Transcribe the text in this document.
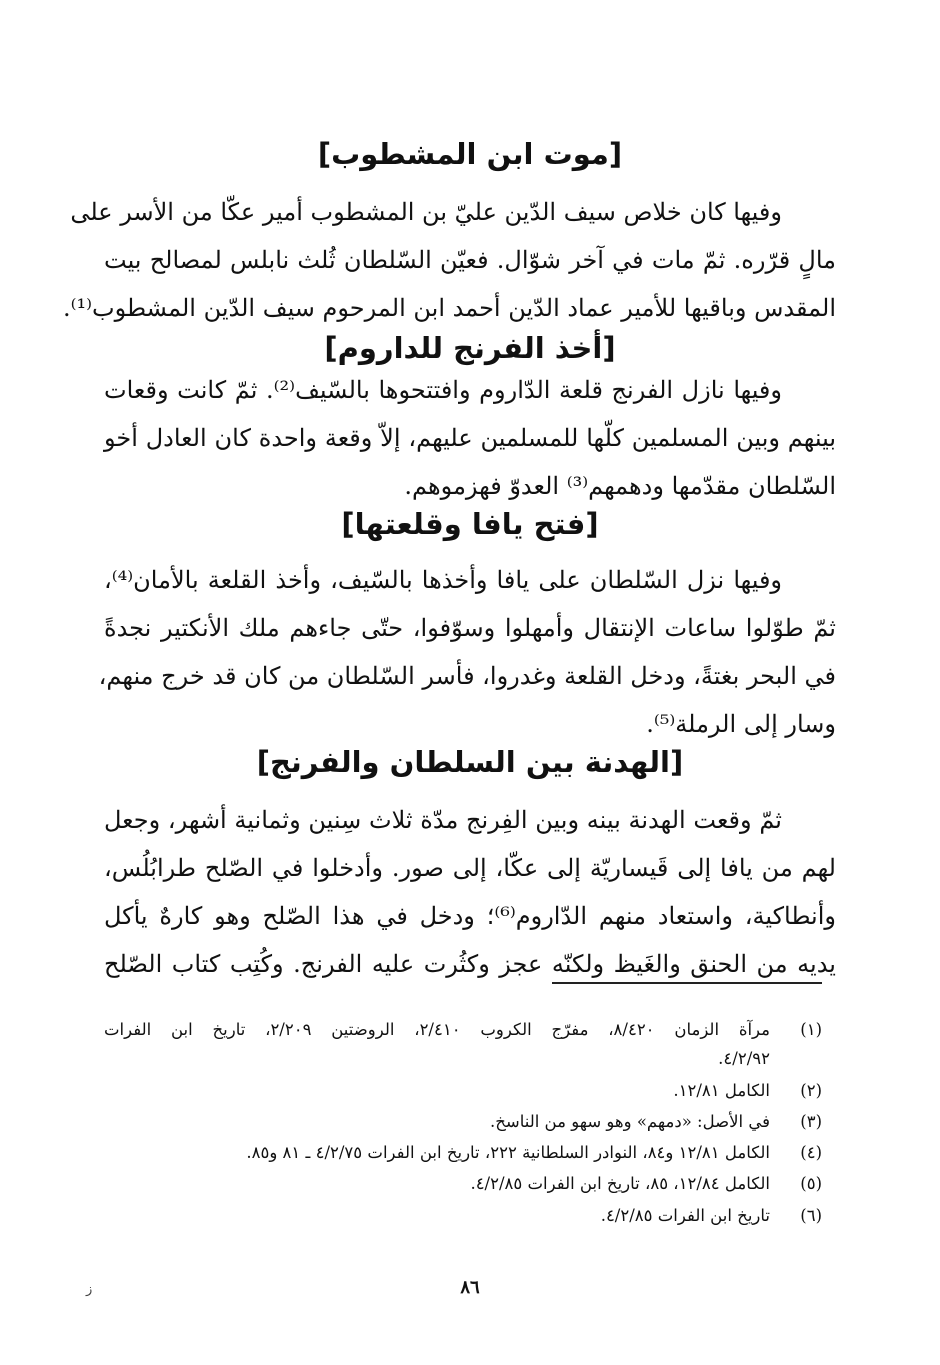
[موت ابن المشطوب]
وفيها كان خلاص سيف الدّين عليّ بن المشطوب أمير عكّا من الأسر على
مالٍ قرّره. ثمّ مات في آخر شوّال. فعيّن السّلطان ثُلث نابلس لمصالح بيت
المقدس وباقيها للأمير عماد الدّين أحمد ابن المرحوم سيف الدّين المشطوب⁽¹⁾.
[أخذ الفرنج للداروم]
وفيها نازل الفرنج قلعة الدّاروم وافتتحوها بالسّيف⁽²⁾. ثمّ كانت وقعات
بينهم وبين المسلمين كلّها للمسلمين عليهم، إلاّ وقعة واحدة كان العادل أخو
السّلطان مقدّمها ودهمهم⁽³⁾ العدوّ فهزموهم.
[فتح يافا وقلعتها]
وفيها نزل السّلطان على يافا وأخذها بالسّيف، وأخذ القلعة بالأمان⁽⁴⁾،
ثمّ طوّلوا ساعات الإنتقال وأمهلوا وسوّفوا، حتّى جاءهم ملك الأنكتير نجدةً
في البحر بغتةً، ودخل القلعة وغدروا، فأسر السّلطان من كان قد خرج منهم،
وسار إلى الرملة⁽⁵⁾.
[الهدنة بين السلطان والفرنج]
ثمّ وقعت الهدنة بينه وبين الفِرنج مدّة ثلاث سِنين وثمانية أشهر، وجعل
لهم من يافا إلى قَيساريّة إلى عكّا، إلى صور. وأدخلوا في الصّلح طرابُلُس،
وأنطاكية، واستعاد منهم الدّاروم⁽⁶⁾؛ ودخل في هذا الصّلح وهو كارهٌ يأكل
يديه من الحنق والغَيظ ولكنّه عجز وكثُرت عليه الفرنج. وكُتِب كتاب الصّلح
(١)
مرآة الزمان ٨/٤٢٠، مفرّج الكروب ٢/٤١٠، الروضتين ٢/٢٠٩، تاريخ ابن الفرات
٤/٢/٩٢.
(٢)
الكامل ١٢/٨١.
(٣)
في الأصل: «دمهم» وهو سهو من الناسخ.
(٤)
الكامل ١٢/٨١ و٨٤، النوادر السلطانية ٢٢٢، تاريخ ابن الفرات ٤/٢/٧٥ ـ ٨١ و٨٥.
(٥)
الكامل ١٢/٨٤، ٨٥، تاريخ ابن الفرات ٤/٢/٨٥.
(٦)
تاريخ ابن الفرات ٤/٢/٨٥.
٨٦
ز
